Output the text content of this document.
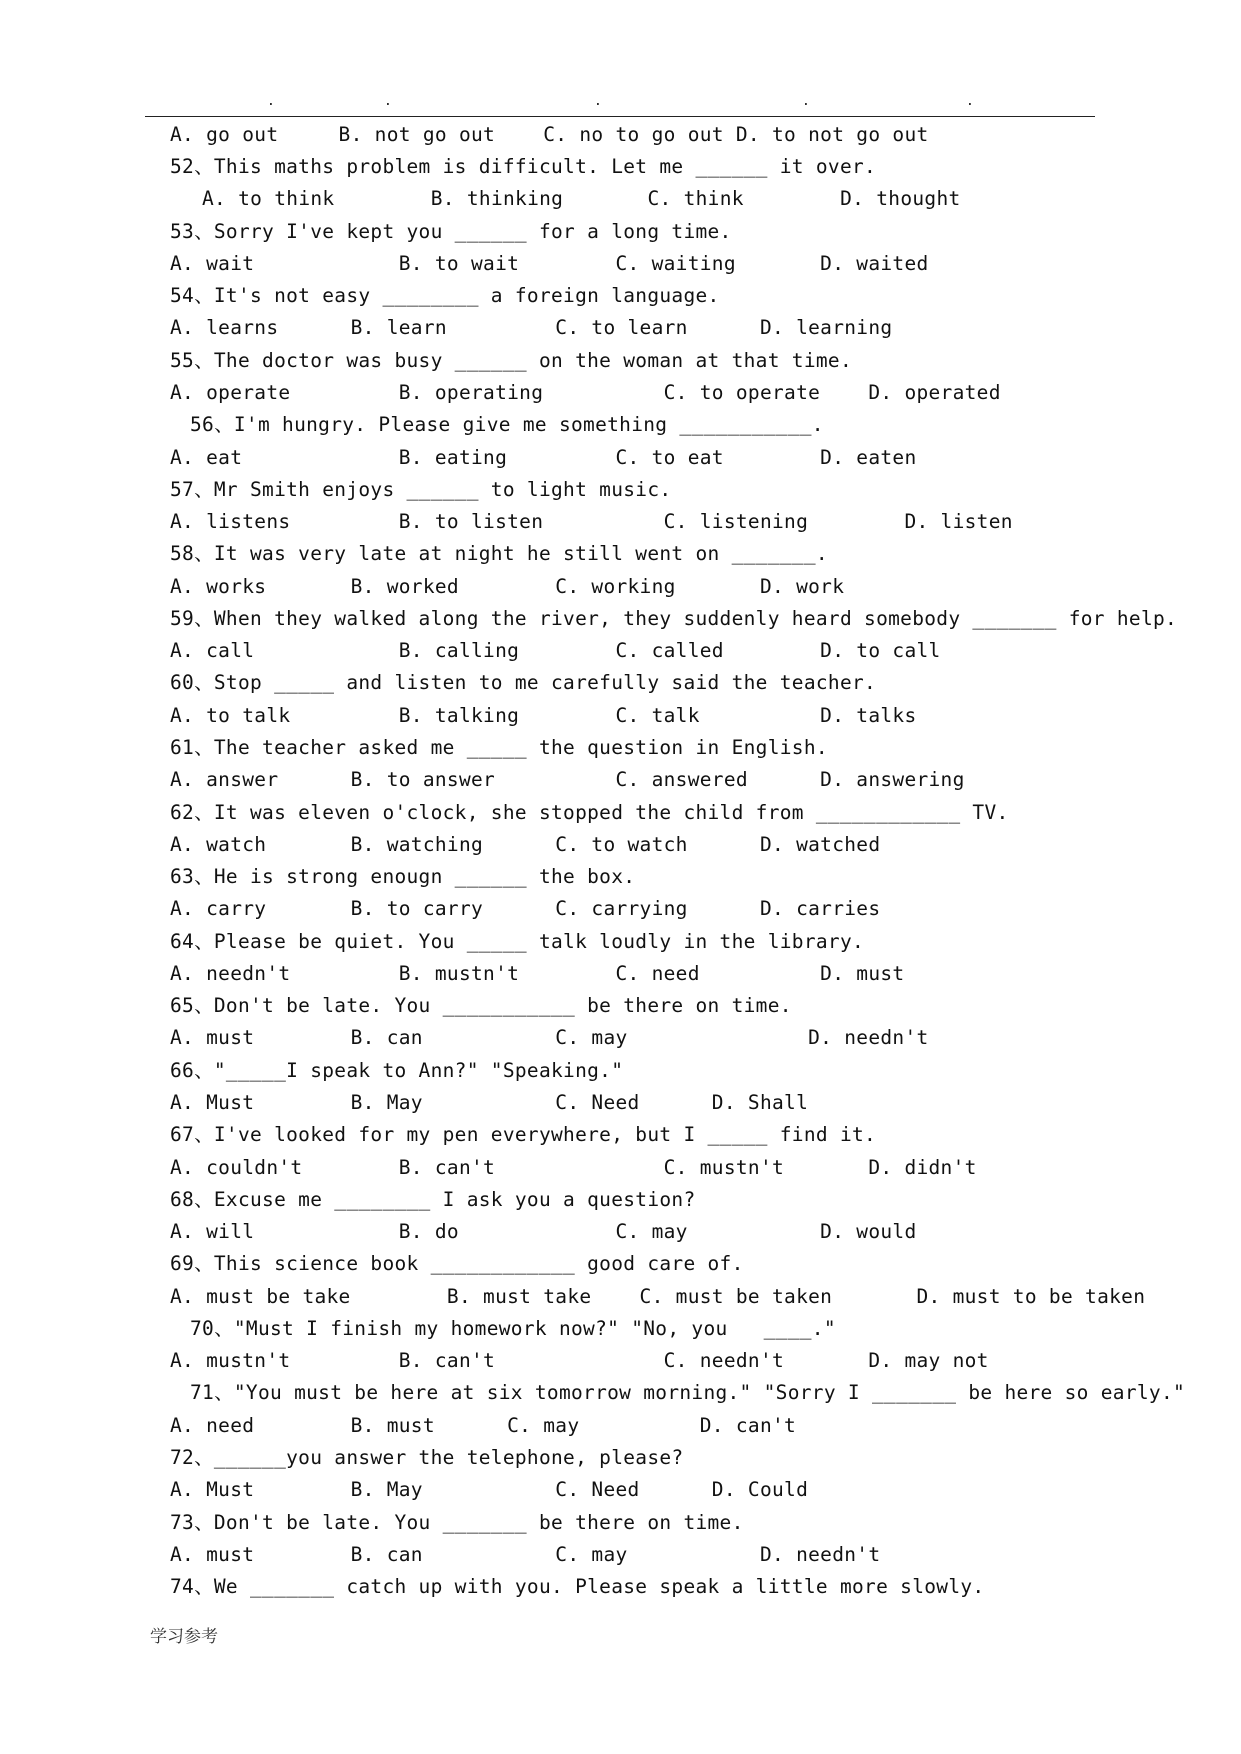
.	.	.	.	.
A. go out     B. not go out    C. no to go out D. to not go out
52、This maths problem is difficult. Let me ______ it over.
A. to think        B. thinking       C. think        D. thought
53、Sorry I've kept you ______ for a long time.
A. wait            B. to wait        C. waiting       D. waited
54、It's not easy ________ a foreign language.
A. learns      B. learn         C. to learn      D. learning
55、The doctor was busy ______ on the woman at that time.
A. operate         B. operating          C. to operate    D. operated
56、I'm hungry. Please give me something ___________.
A. eat             B. eating         C. to eat        D. eaten
57、Mr Smith enjoys ______ to light music.
A. listens         B. to listen          C. listening        D. listen
58、It was very late at night he still went on _______.
A. works       B. worked        C. working       D. work
59、When they walked along the river, they suddenly heard somebody _______ for help.
A. call            B. calling        C. called        D. to call
60、Stop _____ and listen to me carefully said the teacher.
A. to talk         B. talking        C. talk          D. talks
61、The teacher asked me _____ the question in English.
A. answer      B. to answer          C. answered      D. answering
62、It was eleven o'clock, she stopped the child from ____________ TV.
A. watch       B. watching      C. to watch      D. watched
63、He is strong enougn ______ the box.
A. carry       B. to carry      C. carrying      D. carries
64、Please be quiet. You _____ talk loudly in the library.
A. needn't         B. mustn't        C. need          D. must
65、Don't be late. You ___________ be there on time.
A. must        B. can           C. may               D. needn't
66、"_____I speak to Ann?" "Speaking."
A. Must        B. May           C. Need      D. Shall
67、I've looked for my pen everywhere, but I _____ find it.
A. couldn't        B. can't              C. mustn't       D. didn't
68、Excuse me ________ I ask you a question?
A. will            B. do             C. may           D. would
69、This science book ____________ good care of.
A. must be take        B. must take    C. must be taken       D. must to be taken
70、"Must I finish my homework now?" "No, you   ____."
A. mustn't         B. can't              C. needn't       D. may not
71、"You must be here at six tomorrow morning." "Sorry I _______ be here so early."
A. need        B. must      C. may          D. can't
72、______you answer the telephone, please?
A. Must        B. May           C. Need      D. Could
73、Don't be late. You _______ be there on time.
A. must        B. can           C. may           D. needn't
74、We _______ catch up with you. Please speak a little more slowly.
学习参考
